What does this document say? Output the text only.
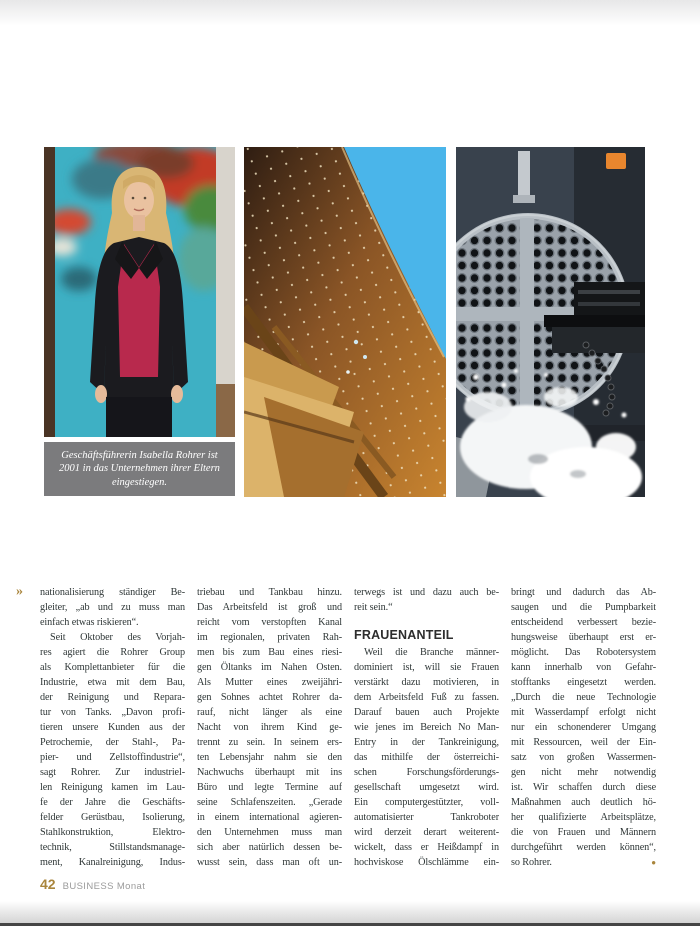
Geschäftsführerin Isabella Rohrer ist 2001 in das Unternehmen ihrer Eltern eingestiegen.
» nationalisierung ständiger Be-
gleiter, „ab und zu muss man
einfach etwas riskieren“.
Seit Oktober des Vorjah-
res agiert die Rohrer Group
als Komplettanbieter für die
Industrie, etwa mit dem Bau,
der Reinigung und Repara-
tur von Tanks. „Davon profi-
tieren unsere Kunden aus der
Petrochemie, der Stahl-, Pa-
pier- und Zellstoffindustrie“,
sagt Rohrer. Zur industriel-
len Reinigung kamen im Lau-
fe der Jahre die Geschäfts-
felder Gerüstbau, Isolierung,
Stahlkonstruktion, Elektro-
technik, Stillstandsmanage-
ment, Kanalreinigung, Indus-
triebau und Tankbau hinzu.
Das Arbeitsfeld ist groß und
reicht vom verstopften Kanal
im regionalen, privaten Rah-
men bis zum Bau eines riesi-
gen Öltanks im Nahen Osten.
Als Mutter eines zweijähri-
gen Sohnes achtet Rohrer da-
rauf, nicht länger als eine
Nacht von ihrem Kind ge-
trennt zu sein. In seinem ers-
ten Lebensjahr nahm sie den
Nachwuchs überhaupt mit ins
Büro und legte Termine auf
seine Schlafenszeiten. „Gerade
in einem international agieren-
den Unternehmen muss man
sich aber natürlich dessen be-
wusst sein, dass man oft un-
terwegs ist und dazu auch be-
reit sein.“
FRAUENANTEIL
Weil die Branche männer-
dominiert ist, will sie Frauen
verstärkt dazu motivieren, in
dem Arbeitsfeld Fuß zu fassen.
Darauf bauen auch Projekte
wie jenes im Bereich No Man-
Entry in der Tankreinigung,
das mithilfe der österreichi-
schen Forschungsförderungs-
gesellschaft umgesetzt wird.
Ein computergestützter, voll-
automatisierter Tankroboter
wird derzeit derart weiterent-
wickelt, dass er Heißdampf in
hochviskose Ölschlämme ein-
bringt und dadurch das Ab-
saugen und die Pumpbarkeit
entscheidend verbessert bezie-
hungsweise überhaupt erst er-
möglicht. Das Robotersystem
kann innerhalb von Gefahr-
stofftanks eingesetzt werden.
„Durch die neue Technologie
mit Wasserdampf erfolgt nicht
nur ein schonenderer Umgang
mit Ressourcen, weil der Ein-
satz von großen Wassermen-
gen nicht mehr notwendig
ist. Wir schaffen durch diese
Maßnahmen auch deutlich hö-
her qualifizierte Arbeitsplätze,
die von Frauen und Männern
durchgeführt werden können“,
so Rohrer.	●
42 BUSINESS Monat
